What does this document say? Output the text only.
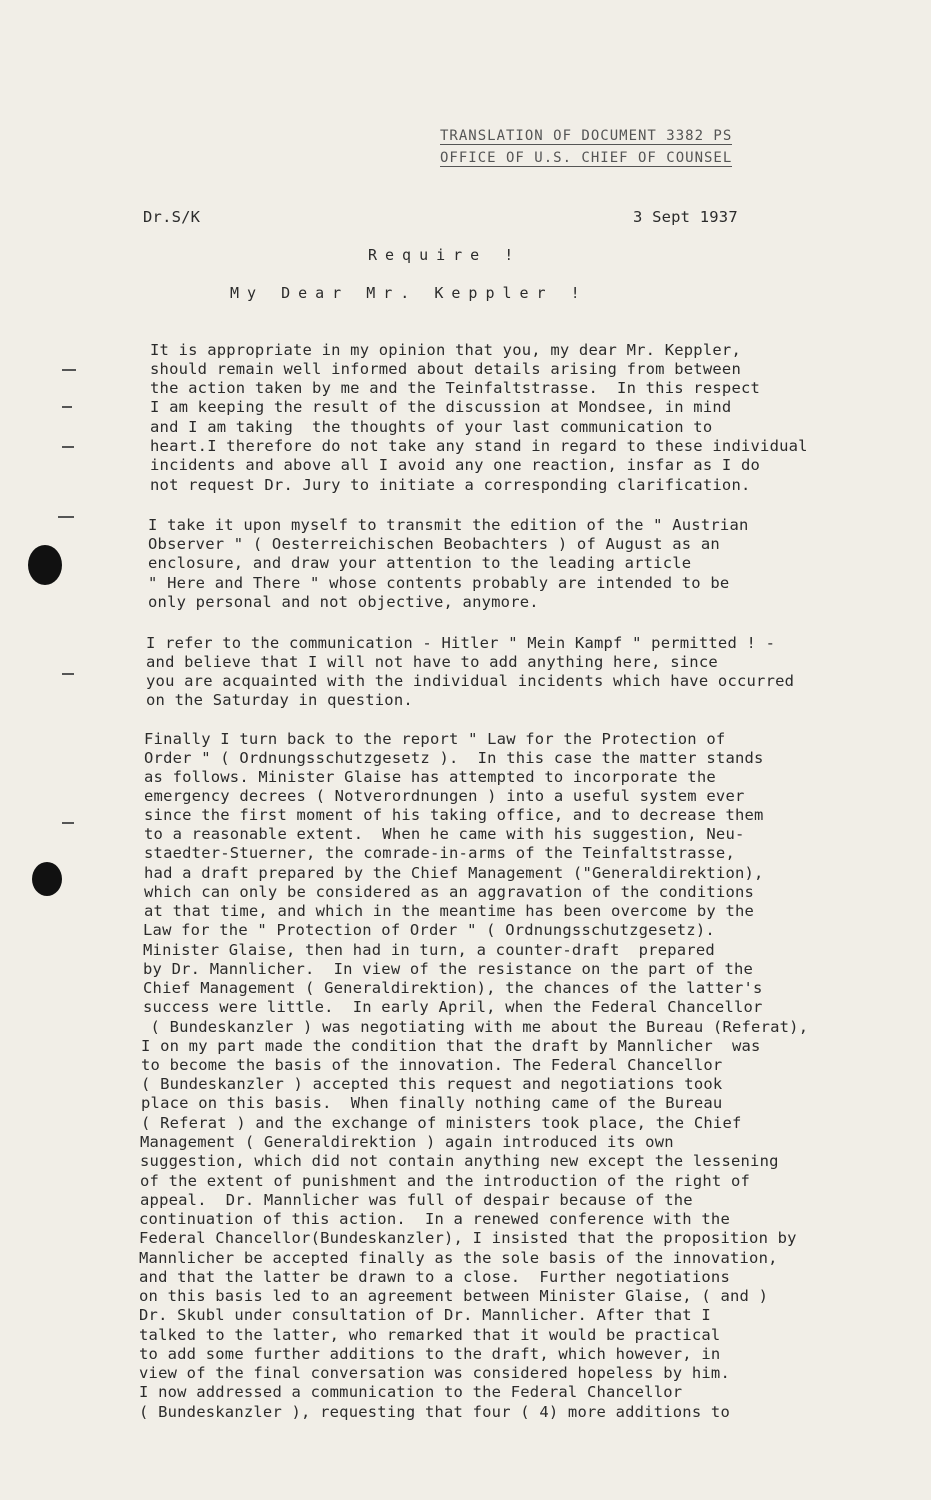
TRANSLATION OF DOCUMENT 3382 PS
OFFICE OF U.S. CHIEF OF COUNSEL
Dr.S/K	3 Sept 1937
Require !
My Dear Mr. Keppler !
It is appropriate in my opinion that you, my dear Mr. Keppler,
should remain well informed about details arising from between
the action taken by me and the Teinfaltstrasse.  In this respect
I am keeping the result of the discussion at Mondsee, in mind
and I am taking  the thoughts of your last communication to
heart.I therefore do not take any stand in regard to these individual
incidents and above all I avoid any one reaction, insfar as I do
not request Dr. Jury to initiate a corresponding clarification.
I take it upon myself to transmit the edition of the " Austrian
Observer " ( Oesterreichischen Beobachters ) of August as an
enclosure, and draw your attention to the leading article
" Here and There " whose contents probably are intended to be
only personal and not objective, anymore.
I refer to the communication - Hitler " Mein Kampf " permitted ! -
and believe that I will not have to add anything here, since
you are acquainted with the individual incidents which have occurred
on the Saturday in question.
Finally I turn back to the report " Law for the Protection of
Order " ( Ordnungsschutzgesetz ).  In this case the matter stands
as follows. Minister Glaise has attempted to incorporate the
emergency decrees ( Notverordnungen ) into a useful system ever
since the first moment of his taking office, and to decrease them
to a reasonable extent.  When he came with his suggestion, Neu-
staedter-Stuerner, the comrade-in-arms of the Teinfaltstrasse,
had a draft prepared by the Chief Management ("Generaldirektion),
which can only be considered as an aggravation of the conditions
at that time, and which in the meantime has been overcome by the
Law for the " Protection of Order " ( Ordnungsschutzgesetz).
Minister Glaise, then had in turn, a counter-draft  prepared
by Dr. Mannlicher.  In view of the resistance on the part of the
Chief Management ( Generaldirektion), the chances of the latter's
success were little.  In early April, when the Federal Chancellor
( Bundeskanzler ) was negotiating with me about the Bureau (Referat),
I on my part made the condition that the draft by Mannlicher  was
to become the basis of the innovation. The Federal Chancellor
( Bundeskanzler ) accepted this request and negotiations took
place on this basis.  When finally nothing came of the Bureau
( Referat ) and the exchange of ministers took place, the Chief
Management ( Generaldirektion ) again introduced its own
suggestion, which did not contain anything new except the lessening
of the extent of punishment and the introduction of the right of
appeal.  Dr. Mannlicher was full of despair because of the
continuation of this action.  In a renewed conference with the
Federal Chancellor(Bundeskanzler), I insisted that the proposition by
Mannlicher be accepted finally as the sole basis of the innovation,
and that the latter be drawn to a close.  Further negotiations
on this basis led to an agreement between Minister Glaise, ( and )
Dr. Skubl under consultation of Dr. Mannlicher. After that I
talked to the latter, who remarked that it would be practical
to add some further additions to the draft, which however, in
view of the final conversation was considered hopeless by him.
I now addressed a communication to the Federal Chancellor
( Bundeskanzler ), requesting that four ( 4) more additions to
